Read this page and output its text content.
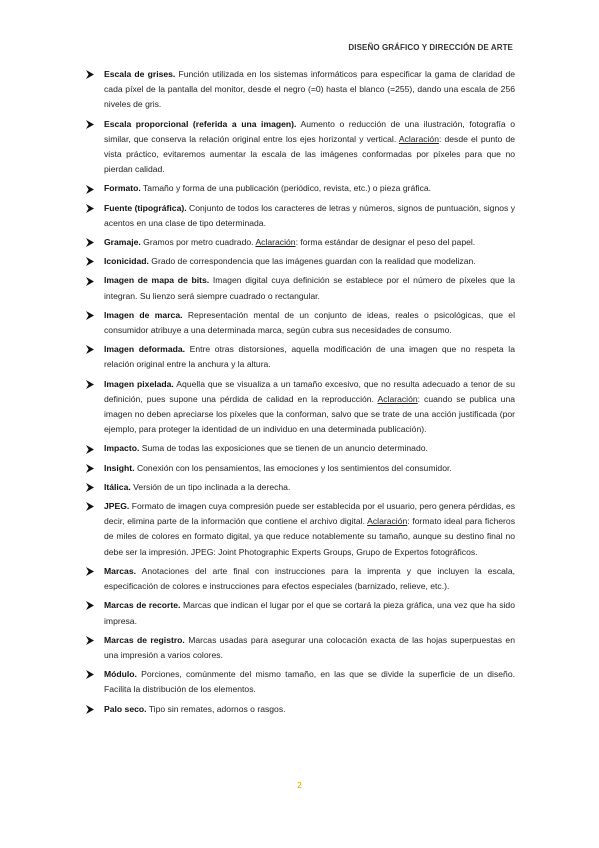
DISEÑO GRÁFICO Y DIRECCIÓN DE ARTE
Escala de grises. Función utilizada en los sistemas informáticos para especificar la gama de claridad de cada píxel de la pantalla del monitor, desde el negro (=0) hasta el blanco (=255), dando una escala de 256 niveles de gris.
Escala proporcional (referida a una imagen). Aumento o reducción de una ilustración, fotografía o similar, que conserva la relación original entre los ejes horizontal y vertical. Aclaración: desde el punto de vista práctico, evitaremos aumentar la escala de las imágenes conformadas por píxeles para que no pierdan calidad.
Formato. Tamaño y forma de una publicación (periódico, revista, etc.) o pieza gráfica.
Fuente (tipográfica). Conjunto de todos los caracteres de letras y números, signos de puntuación, signos y acentos en una clase de tipo determinada.
Gramaje. Gramos por metro cuadrado. Aclaración: forma estándar de designar el peso del papel.
Iconicidad. Grado de correspondencia que las imágenes guardan con la realidad que modelizan.
Imagen de mapa de bits. Imagen digital cuya definición se establece por el número de píxeles que la integran. Su lienzo será siempre cuadrado o rectangular.
Imagen de marca. Representación mental de un conjunto de ideas, reales o psicológicas, que el consumidor atribuye a una determinada marca, según cubra sus necesidades de consumo.
Imagen deformada. Entre otras distorsiones, aquella modificación de una imagen que no respeta la relación original entre la anchura y la altura.
Imagen pixelada. Aquella que se visualiza a un tamaño excesivo, que no resulta adecuado a tenor de su definición, pues supone una pérdida de calidad en la reproducción. Aclaración: cuando se publica una imagen no deben apreciarse los píxeles que la conforman, salvo que se trate de una acción justificada (por ejemplo, para proteger la identidad de un individuo en una determinada publicación).
Impacto. Suma de todas las exposiciones que se tienen de un anuncio determinado.
Insight. Conexión con los pensamientos, las emociones y los sentimientos del consumidor.
Itálica. Versión de un tipo inclinada a la derecha.
JPEG. Formato de imagen cuya compresión puede ser establecida por el usuario, pero genera pérdidas, es decir, elimina parte de la información que contiene el archivo digital. Aclaración: formato ideal para ficheros de miles de colores en formato digital, ya que reduce notablemente su tamaño, aunque su destino final no debe ser la impresión. JPEG: Joint Photographic Experts Groups, Grupo de Expertos fotográficos.
Marcas. Anotaciones del arte final con instrucciones para la imprenta y que incluyen la escala, especificación de colores e instrucciones para efectos especiales (barnizado, relieve, etc.).
Marcas de recorte. Marcas que indican el lugar por el que se cortará la pieza gráfica, una vez que ha sido impresa.
Marcas de registro. Marcas usadas para asegurar una colocación exacta de las hojas superpuestas en una impresión a varios colores.
Módulo. Porciones, comúnmente del mismo tamaño, en las que se divide la superficie de un diseño. Facilita la distribución de los elementos.
Palo seco. Tipo sin remates, adornos o rasgos.
2
